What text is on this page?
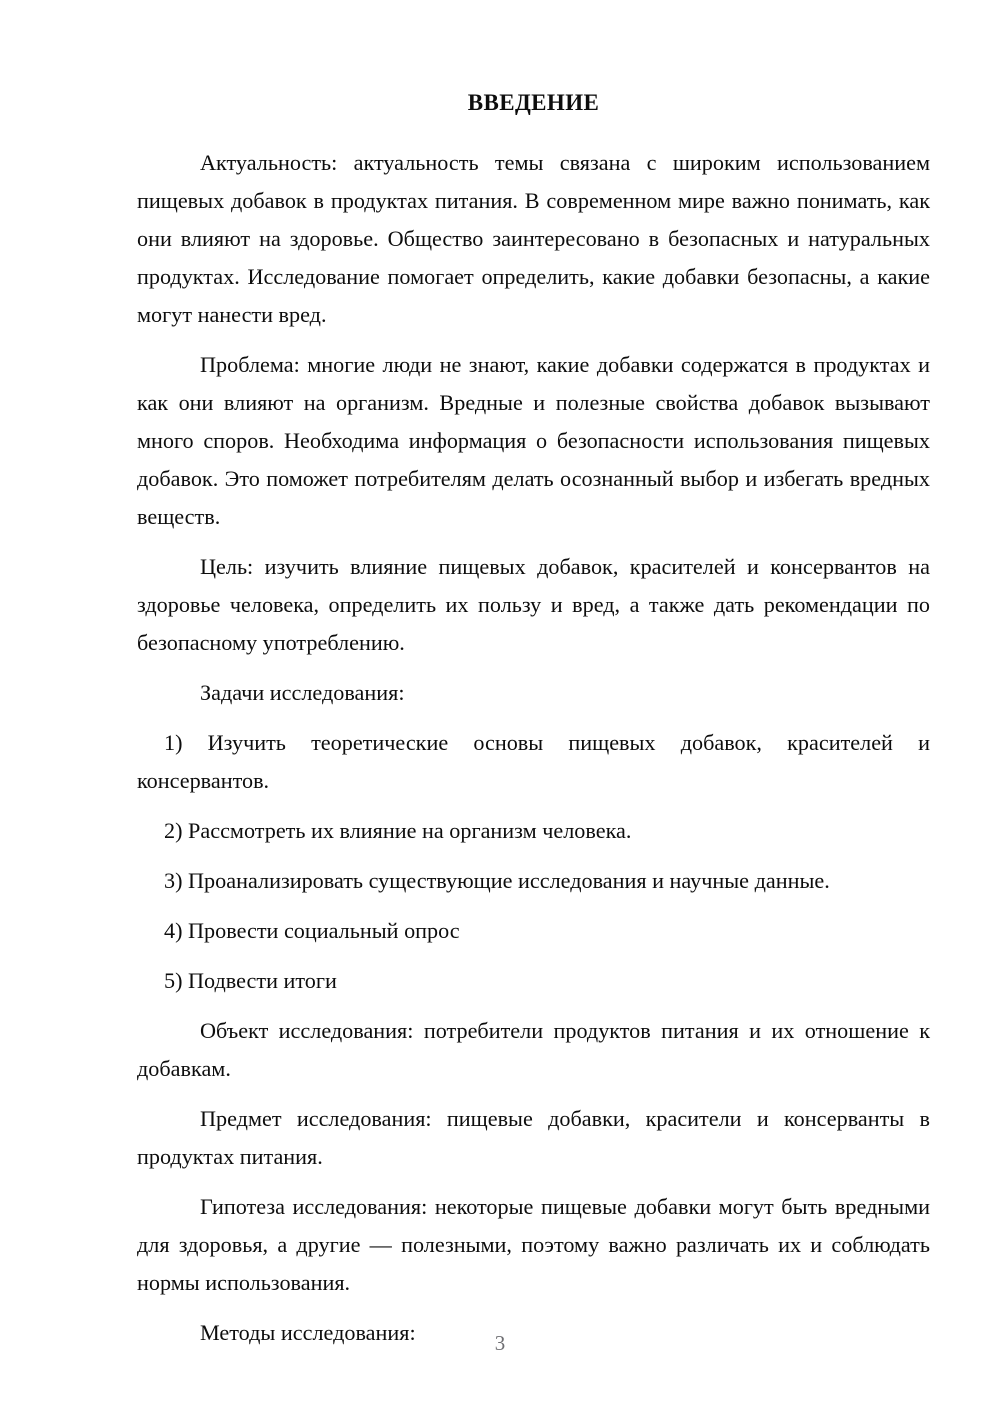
ВВЕДЕНИЕ

Актуальность: актуальность темы связана с широким использованием пищевых добавок в продуктах питания. В современном мире важно понимать, как они влияют на здоровье. Общество заинтересовано в безопасных и натуральных продуктах. Исследование помогает определить, какие добавки безопасны, а какие могут нанести вред.

Проблема: многие люди не знают, какие добавки содержатся в продуктах и как они влияют на организм. Вредные и полезные свойства добавок вызывают много споров. Необходима информация о безопасности использования пищевых добавок. Это поможет потребителям делать осознанный выбор и избегать вредных веществ.

Цель: изучить влияние пищевых добавок, красителей и консервантов на здоровье человека, определить их пользу и вред, а также дать рекомендации по безопасному употреблению.

Задачи исследования:

1) Изучить теоретические основы пищевых добавок, красителей и консервантов.
2) Рассмотреть их влияние на организм человека.
3) Проанализировать существующие исследования и научные данные.
4) Провести социальный опрос
5) Подвести итоги

Объект исследования: потребители продуктов питания и их отношение к добавкам.

Предмет исследования: пищевые добавки, красители и консерванты в продуктах питания.

Гипотеза исследования: некоторые пищевые добавки могут быть вредными для здоровья, а другие — полезными, поэтому важно различать их и соблюдать нормы использования.

Методы исследования:	3
